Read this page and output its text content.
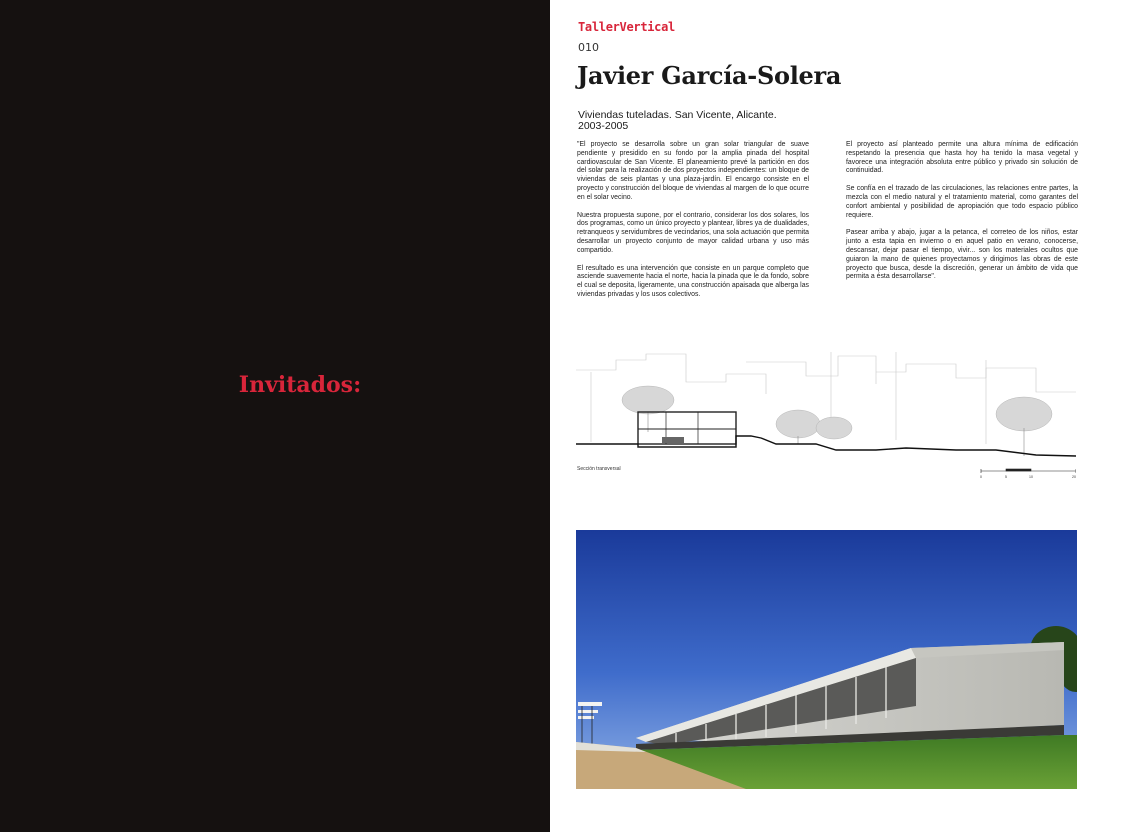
Invitados:
TallerVertical
010
Javier García-Solera
Viviendas tuteladas. San Vicente, Alicante.
2003-2005

"El proyecto se desarrolla sobre un gran solar triangular de suave pendiente y presidido en su fondo por la amplia pinada del hospital cardiovascular de San Vicente. El planeamiento prevé la partición en dos del solar para la realización de dos proyectos independientes: un bloque de viviendas de seis plantas y una plaza-jardín. El encargo consiste en el proyecto y construcción del bloque de viviendas al margen de lo que ocurre en el solar vecino.

Nuestra propuesta supone, por el contrario, considerar los dos solares, los dos programas, como un único proyecto y plantear, libres ya de dualidades, retranqueos y servidumbres de vecindarios, una sola actuación que permita desarrollar un proyecto conjunto de mayor calidad urbana y uso más compartido.

El resultado es una intervención que consiste en un parque completo que asciende suavemente hacia el norte, hacia la pinada que le da fondo, sobre el cual se deposita, ligeramente, una construcción apaisada que alberga las viviendas privadas y los usos colectivos.

El proyecto así planteado permite una altura mínima de edificación respetando la presencia que hasta hoy ha tenido la masa vegetal y favorece una integración absoluta entre público y privado sin solución de continuidad.

Se confía en el trazado de las circulaciones, las relaciones entre partes, la mezcla con el medio natural y el tratamiento material, como garantes del confort ambiental y posibilidad de apropiación que todo espacio público requiere.

Pasear arriba y abajo, jugar a la petanca, el correteo de los niños, estar junto a esta tapia en invierno o en aquel patio en verano, conocerse, descansar, dejar pasar el tiempo, vivir... son los materiales ocultos que guiaron la mano de quienes proyectamos y dirigimos las obras de este proyecto que busca, desde la discreción, generar un ámbito de vida que permita a ésta desarrollarse".

0	5	10	20
Sección transversal
